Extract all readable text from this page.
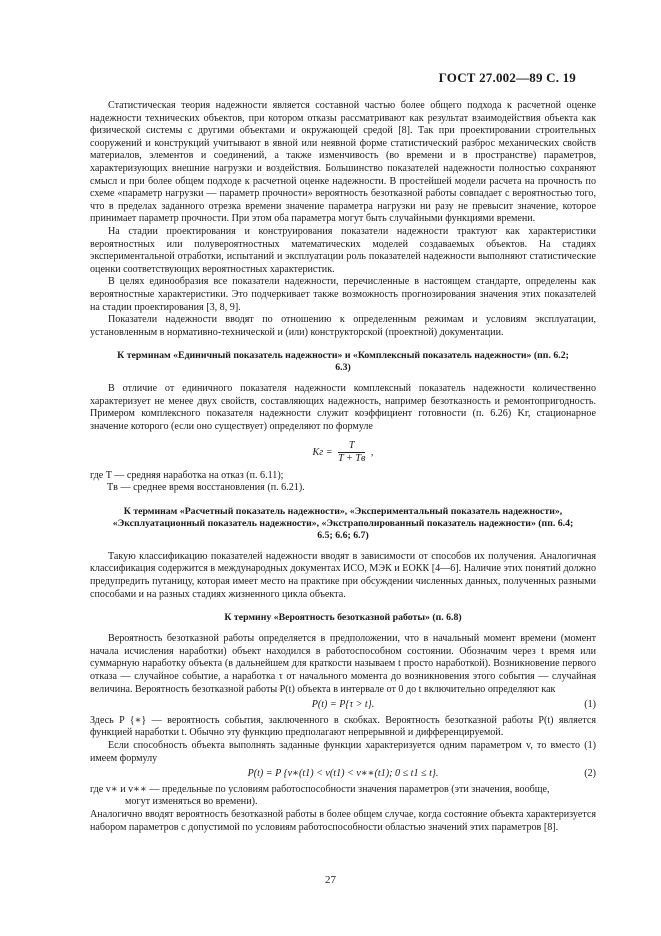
ГОСТ 27.002—89 С. 19

Статистическая теория надежности является составной частью более общего подхода к расчетной оценке надежности технических объектов, при котором отказы рассматривают как результат взаимодействия объекта как физической системы с другими объектами и окружающей средой [8]. Так при проектировании строительных сооружений и конструкций учитывают в явной или неявной форме статистический разброс механических свойств материалов, элементов и соединений, а также изменчивость (во времени и в пространстве) параметров, характеризующих внешние нагрузки и воздействия. Большинство показателей надежности полностью сохраняют смысл и при более общем подходе к расчетной оценке надежности. В простейшей модели расчета на прочность по схеме «параметр нагрузки — параметр прочности» вероятность безотказной работы совпадает с вероятностью того, что в пределах заданного отрезка времени значение параметра нагрузки ни разу не превысит значение, которое принимает параметр прочности. При этом оба параметра могут быть случайными функциями времени.

На стадии проектирования и конструирования показатели надежности трактуют как характеристики вероятностных или полувероятностных математических моделей создаваемых объектов. На стадиях экспериментальной отработки, испытаний и эксплуатации роль показателей надежности выполняют статистические оценки соответствующих вероятностных характеристик.

В целях единообразия все показатели надежности, перечисленные в настоящем стандарте, определены как вероятностные характеристики. Это подчеркивает также возможность прогнозирования значения этих показателей на стадии проектирования [3, 8, 9].

Показатели надежности вводят по отношению к определенным режимам и условиям эксплуатации, установленным в нормативно-технической и (или) конструкторской (проектной) документации.

К терминам «Единичный показатель надежности» и «Комплексный показатель надежности» (пп. 6.2; 6.3)

В отличие от единичного показателя надежности комплексный показатель надежности количественно характеризует не менее двух свойств, составляющих надежность, например безотказность и ремонтопригодность. Примером комплексного показателя надежности служит коэффициент готовности (п. 6.26) Kг, стационарное значение которого (если оно существует) определяют по формуле

Kг = $\frac{T}{T + Tв}$ ,

где T — средняя наработка на отказ (п. 6.11);

Tв — среднее время восстановления (п. 6.21).

К терминам «Расчетный показатель надежности», «Экспериментальный показатель надежности», «Эксплуатационный показатель надежности», «Экстраполированный показатель надежности» (пп. 6.4; 6.5; 6.6; 6.7)

Такую классификацию показателей надежности вводят в зависимости от способов их получения. Аналогичная классификация содержится в международных документах ИСО, МЭК и ЕОКК [4—6]. Наличие этих понятий должно предупредить путаницу, которая имеет место на практике при обсуждении численных данных, полученных разными способами и на разных стадиях жизненного цикла объекта.

К термину «Вероятность безотказной работы» (п. 6.8)

Вероятность безотказной работы определяется в предположении, что в начальный момент времени (момент начала исчисления наработки) объект находился в работоспособном состоянии. Обозначим через t время или суммарную наработку объекта (в дальнейшем для краткости называем t просто наработкой). Возникновение первого отказа — случайное событие, а наработка τ от начального момента до возникновения этого события — случайная величина. Вероятность безотказной работы P(t) объекта в интервале от 0 до t включительно определяют как

P(t) = P{τ > t}.	(1)

Здесь P {∗} — вероятность события, заключенного в скобках. Вероятность безотказной работы P(t) является функцией наработки t. Обычно эту функцию предполагают непрерывной и дифференцируемой.

Если способность объекта выполнять заданные функции характеризуется одним параметром v, то вместо (1) имеем формулу

P(t) = P {v∗(t1) < v(t1) < v∗∗(t1); 0 ≤ t1 ≤ t}.	(2)

где v∗ и v∗∗ — предельные по условиям работоспособности значения параметров (эти значения, вообще,

могут изменяться во времени).

Аналогично вводят вероятность безотказной работы в более общем случае, когда состояние объекта характеризуется набором параметров с допустимой по условиям работоспособности областью значений этих параметров [8].

27
